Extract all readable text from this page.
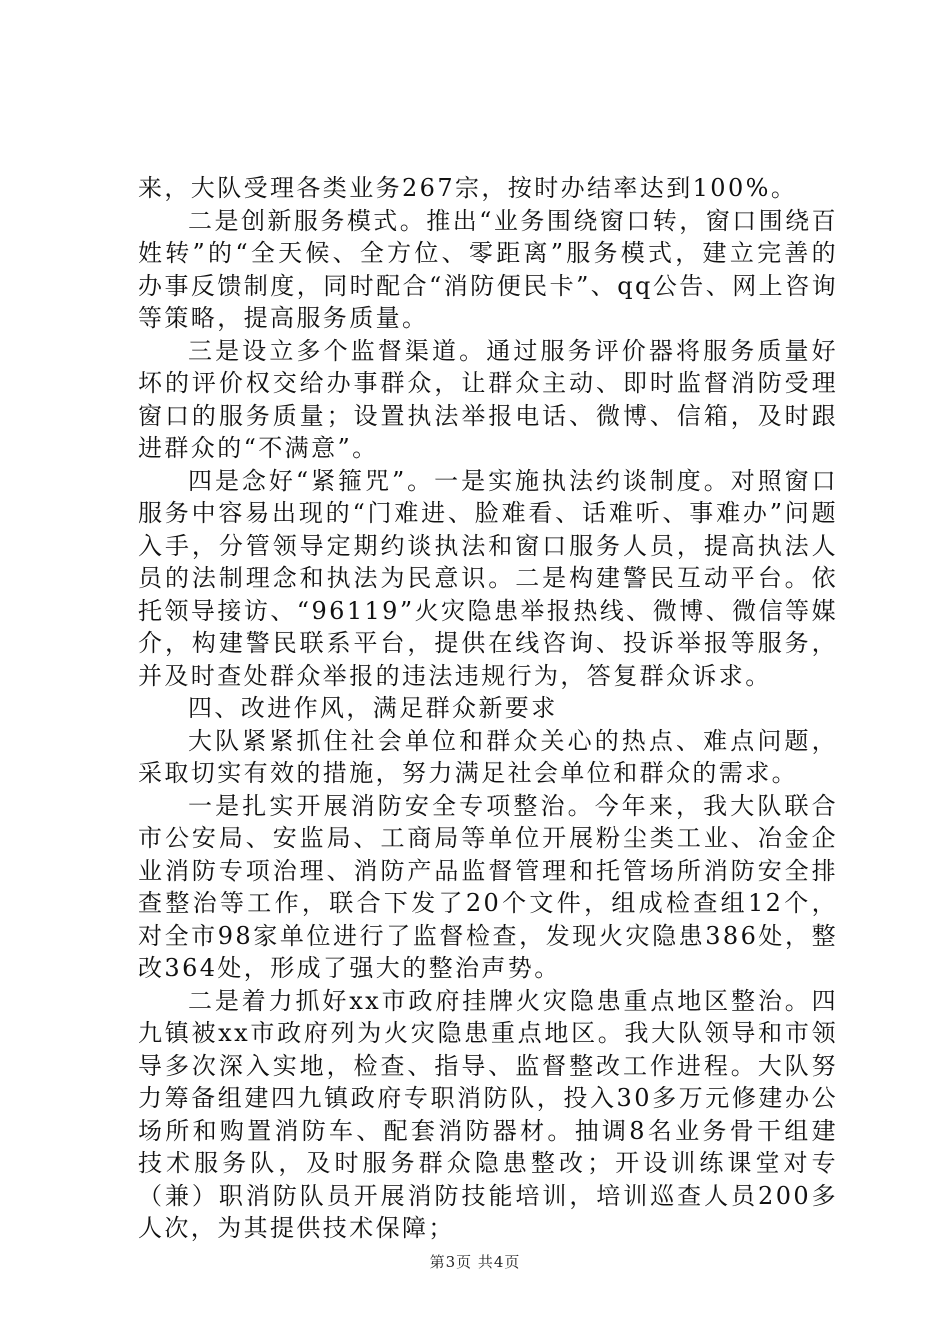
来，大队受理各类业务267宗，按时办结率达到100%。

二是创新服务模式。推出“业务围绕窗口转，窗口围绕百姓转”的“全天候、全方位、零距离”服务模式，建立完善的办事反馈制度，同时配合“消防便民卡”、qq公告、网上咨询等策略，提高服务质量。

三是设立多个监督渠道。通过服务评价器将服务质量好坏的评价权交给办事群众，让群众主动、即时监督消防受理窗口的服务质量；设置执法举报电话、微博、信箱，及时跟进群众的“不满意”。

四是念好“紧箍咒”。一是实施执法约谈制度。对照窗口服务中容易出现的“门难进、脸难看、话难听、事难办”问题入手，分管领导定期约谈执法和窗口服务人员，提高执法人员的法制理念和执法为民意识。二是构建警民互动平台。依托领导接访、“96119”火灾隐患举报热线、微博、微信等媒介，构建警民联系平台，提供在线咨询、投诉举报等服务，并及时查处群众举报的违法违规行为，答复群众诉求。

四、改进作风，满足群众新要求

大队紧紧抓住社会单位和群众关心的热点、难点问题，采取切实有效的措施，努力满足社会单位和群众的需求。

一是扎实开展消防安全专项整治。今年来，我大队联合市公安局、安监局、工商局等单位开展粉尘类工业、冶金企业消防专项治理、消防产品监督管理和托管场所消防安全排查整治等工作，联合下发了20个文件，组成检查组12个，对全市98家单位进行了监督检查，发现火灾隐患386处，整改364处，形成了强大的整治声势。

二是着力抓好xx市政府挂牌火灾隐患重点地区整治。四九镇被xx市政府列为火灾隐患重点地区。我大队领导和市领导多次深入实地，检查、指导、监督整改工作进程。大队努力筹备组建四九镇政府专职消防队，投入30多万元修建办公场所和购置消防车、配套消防器材。抽调8名业务骨干组建技术服务队，及时服务群众隐患整改；开设训练课堂对专（兼）职消防队员开展消防技能培训，培训巡查人员200多人次，为其提供技术保障；

第3页 共4页
